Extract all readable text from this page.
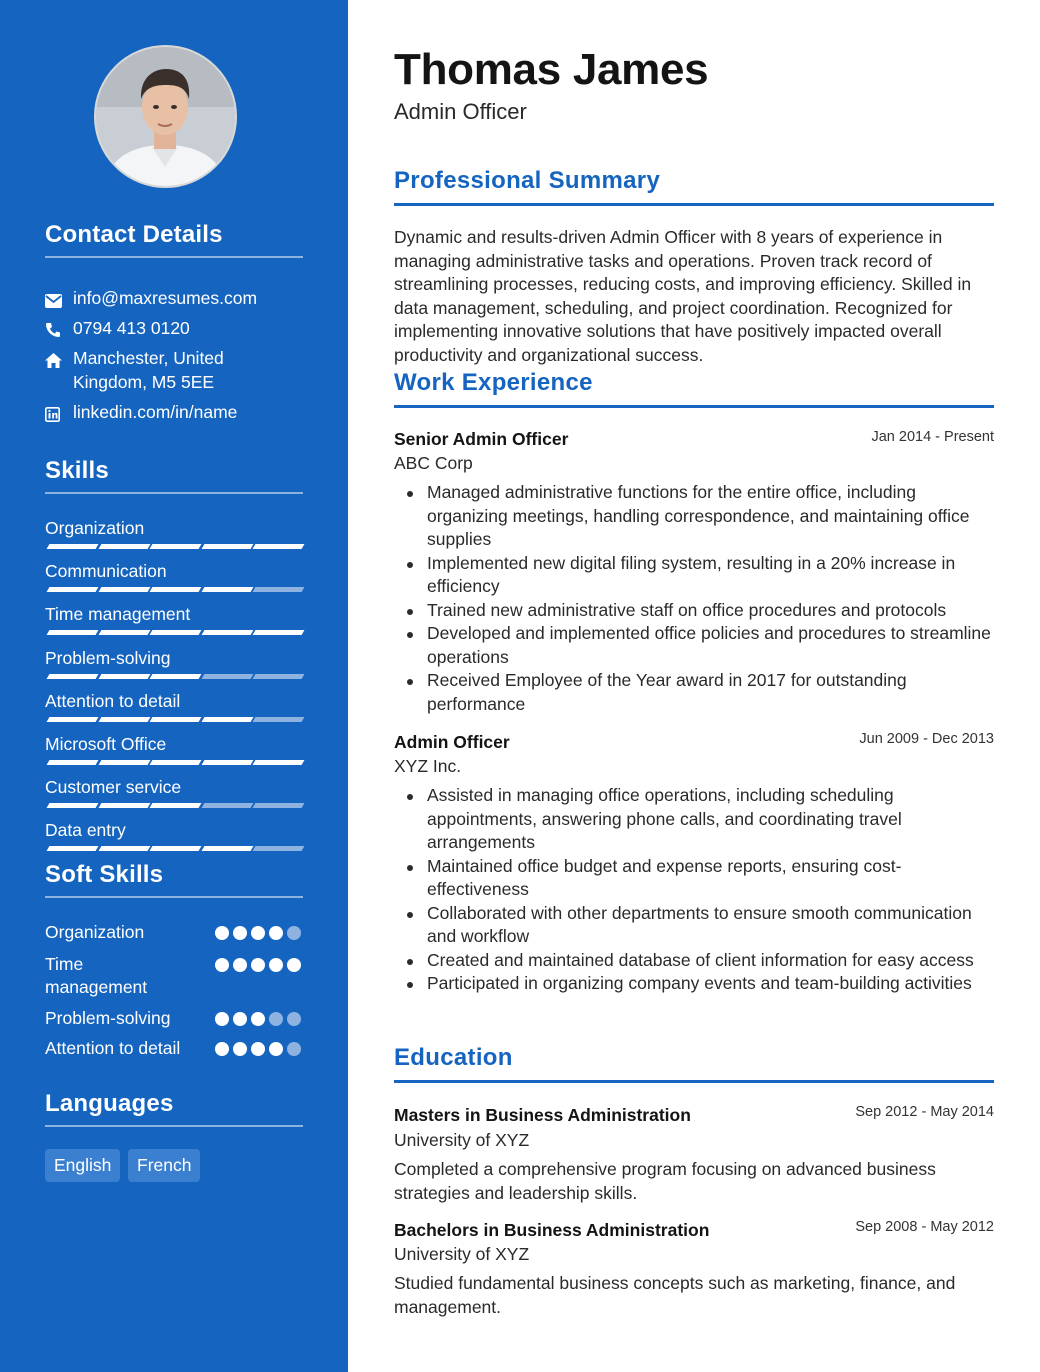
Contact Details
info@maxresumes.com
0794 413 0120
Manchester, United
Kingdom, M5 5EE
linkedin.com/in/name
Skills
Organization
Communication
Time management
Problem-solving
Attention to detail
Microsoft Office
Customer service
Data entry
Soft Skills
Organization
Time management
Problem-solving
Attention to detail
Languages
English	French
Thomas James
Admin Officer
Professional Summary

Dynamic and results-driven Admin Officer with 8 years of experience in managing administrative tasks and operations. Proven track record of streamlining processes, reducing costs, and improving efficiency. Skilled in data management, scheduling, and project coordination. Recognized for implementing innovative solutions that have positively impacted overall productivity and organizational success.

Work Experience
Senior Admin Officer	Jan 2014 - Present
ABC Corp
Managed administrative functions for the entire office, including organizing meetings, handling correspondence, and maintaining office supplies
Implemented new digital filing system, resulting in a 20% increase in efficiency
Trained new administrative staff on office procedures and protocols
Developed and implemented office policies and procedures to streamline operations
Received Employee of the Year award in 2017 for outstanding performance
Admin Officer	Jun 2009 - Dec 2013
XYZ Inc.
Assisted in managing office operations, including scheduling appointments, answering phone calls, and coordinating travel arrangements
Maintained office budget and expense reports, ensuring cost-effectiveness
Collaborated with other departments to ensure smooth communication and workflow
Created and maintained database of client information for easy access
Participated in organizing company events and team-building activities
Education
Masters in Business Administration	Sep 2012 - May 2014
University of XYZ

Completed a comprehensive program focusing on advanced business strategies and leadership skills.

Bachelors in Business Administration	Sep 2008 - May 2012
University of XYZ

Studied fundamental business concepts such as marketing, finance, and management.
